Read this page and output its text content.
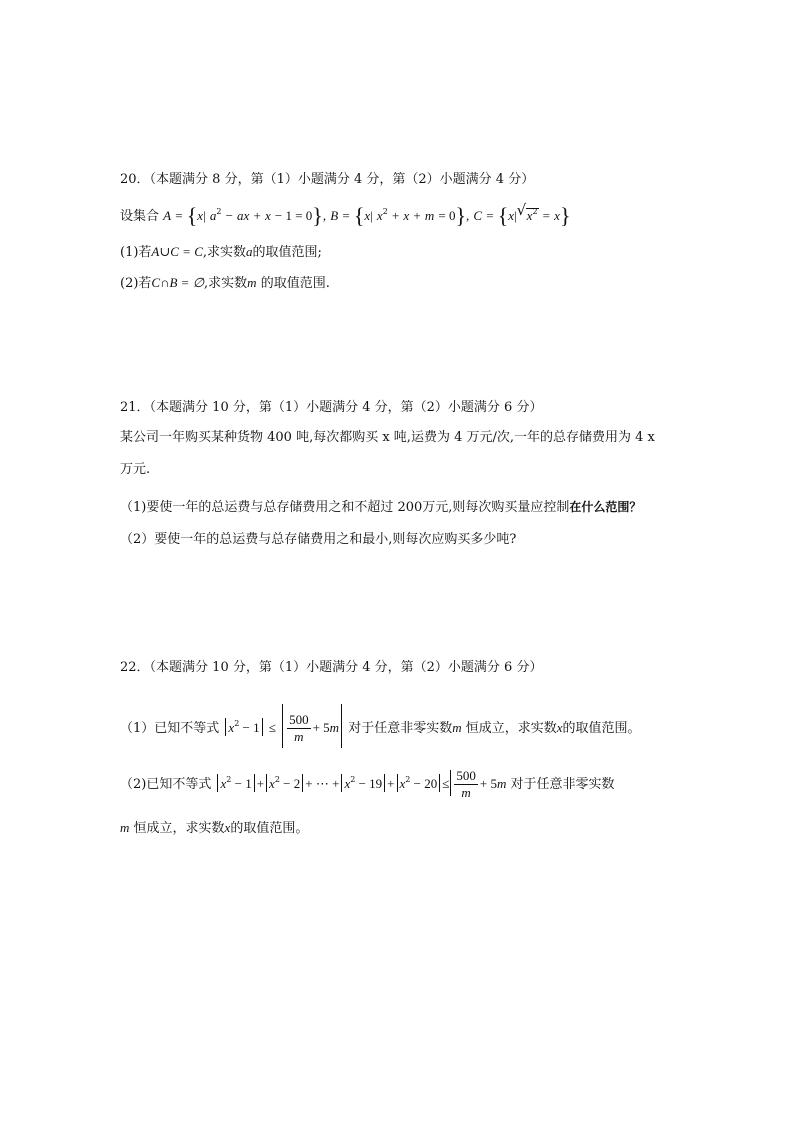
20．（本题满分 8 分，第（1）小题满分 4 分，第（2）小题满分 4 分）
设集合 A = {x| $a^2$ − ax + x − 1 = 0}, B = {x| $x^2 + x + m = 0$}, C = {x| √ $x^2 = x$}
(1)若A∪C = C,求实数a的取值范围;
(2)若C∩B = ∅,求实数m 的取值范围.
21．（本题满分 10 分，第（1）小题满分 4 分，第（2）小题满分 6 分）
某公司一年购买某种货物 400 吨,每次都购买 x 吨,运费为 4 万元/次,一年的总存储费用为 4 x
万元.
（1)要使一年的总运费与总存储费用之和不超过 200万元,则每次购买量应控制在什么范围？
（2）要使一年的总运费与总存储费用之和最小,则每次应购买多少吨?
22．（本题满分 10 分，第（1）小题满分 4 分，第（2）小题满分 6 分）
（1）已知不等式 $x^2 - 1 \le \frac{500}{m} + 5m$ 对于任意非零实数m 恒成立，求实数x的取值范围。
（2)已知不等式 $x^2 - 1 + x^2 - 2$ + ⋯ + $x^2 - 19 + x^2 - 20 \le \frac{500}{m} + 5m$ 对于任意非零实数
m 恒成立，求实数x的取值范围。
